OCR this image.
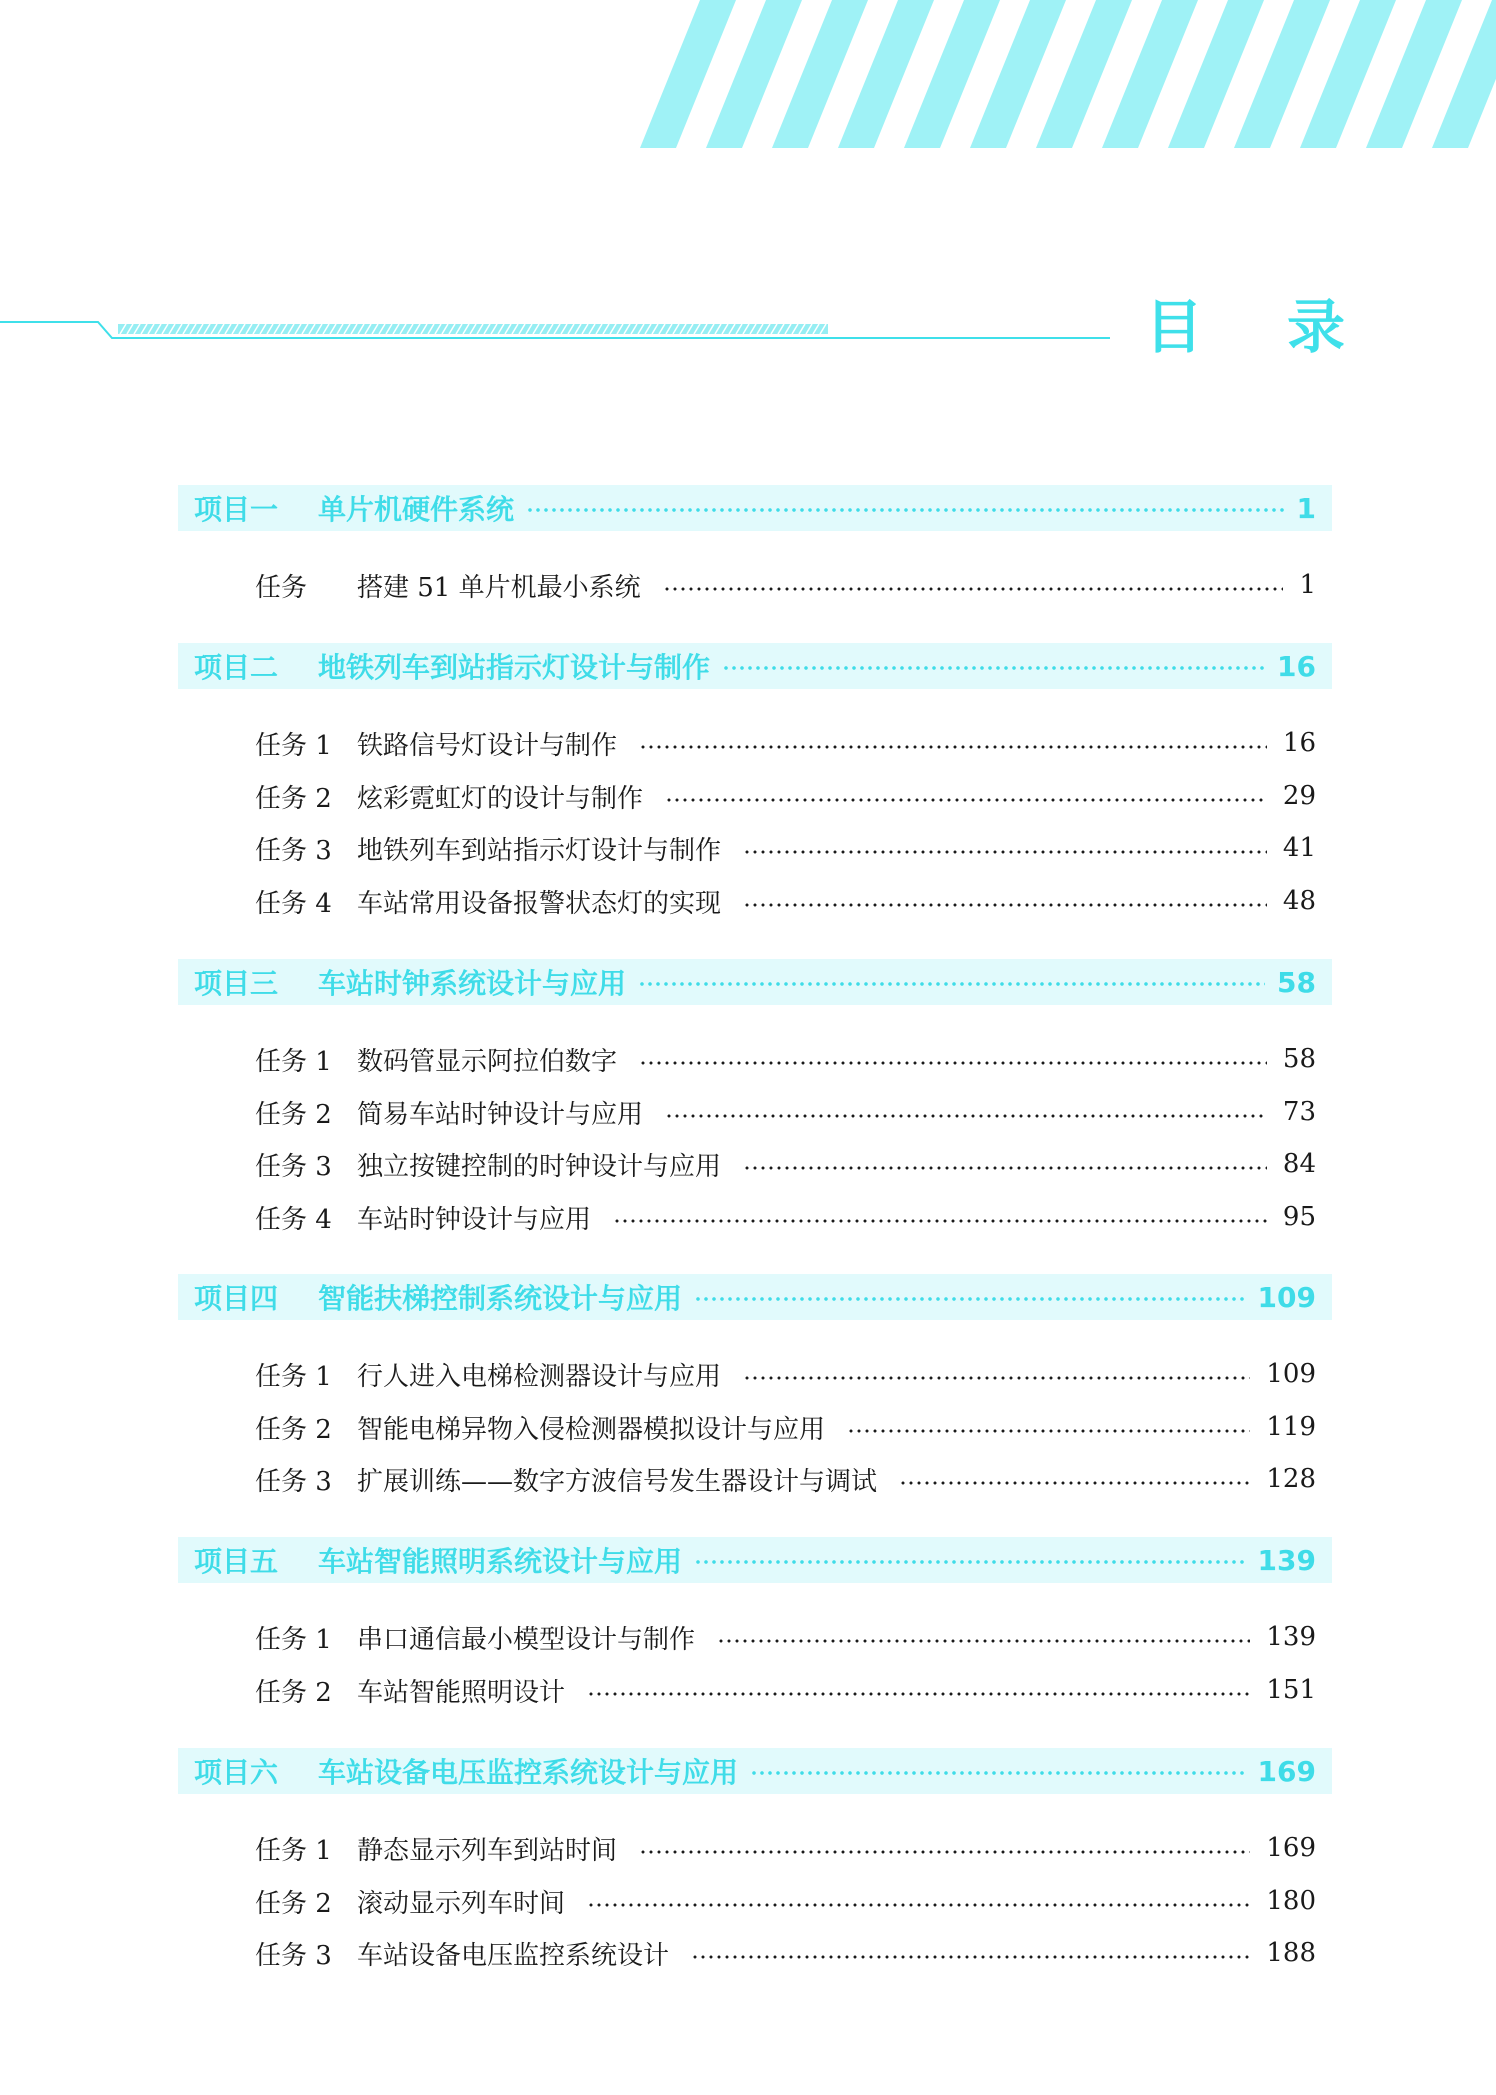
目 录
项目一	单片机硬件系统	1
任务	搭建 51 单片机最小系统	1
项目二	地铁列车到站指示灯设计与制作	16
任务 1 铁路信号灯设计与制作	16
任务 2 炫彩霓虹灯的设计与制作	29
任务 3 地铁列车到站指示灯设计与制作	41
任务 4 车站常用设备报警状态灯的实现	48
项目三	车站时钟系统设计与应用	58
任务 1 数码管显示阿拉伯数字	58
任务 2 简易车站时钟设计与应用	73
任务 3 独立按键控制的时钟设计与应用	84
任务 4 车站时钟设计与应用	95
项目四	智能扶梯控制系统设计与应用	109
任务 1 行人进入电梯检测器设计与应用	109
任务 2 智能电梯异物入侵检测器模拟设计与应用	119
任务 3 扩展训练——数字方波信号发生器设计与调试	128
项目五	车站智能照明系统设计与应用	139
任务 1 串口通信最小模型设计与制作	139
任务 2 车站智能照明设计	151
项目六	车站设备电压监控系统设计与应用	169
任务 1 静态显示列车到站时间	169
任务 2 滚动显示列车时间	180
任务 3 车站设备电压监控系统设计	188
